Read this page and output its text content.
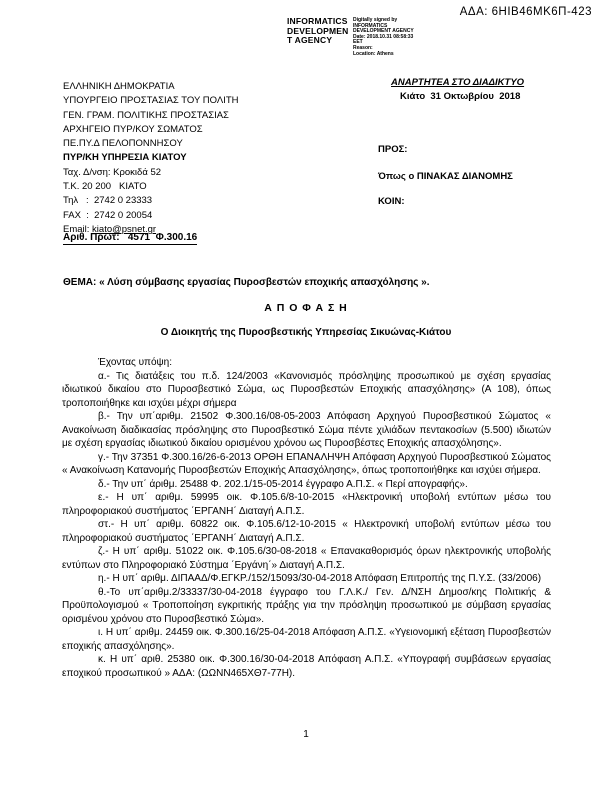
ΑΔΑ: 6ΗΙΒ46ΜΚ6Π-423
INFORMATICS
DEVELOPMEN
T AGENCY
Digitally signed by
INFORMATICS
DEVELOPMENT AGENCY
Date: 2018.10.31 08:58:33
EET
Reason:
Location: Athens
ΕΛΛΗΝΙΚΗ ΔΗΜΟΚΡΑΤΙΑ
ΥΠΟΥΡΓΕΙΟ ΠΡΟΣΤΑΣΙΑΣ ΤΟΥ ΠΟΛΙΤΗ
ΓΕΝ. ΓΡΑΜ. ΠΟΛΙΤΙΚΗΣ ΠΡΟΣΤΑΣΙΑΣ
ΑΡΧΗΓΕΙΟ ΠΥΡ/ΚΟΥ ΣΩΜΑΤΟΣ
ΠΕ.ΠΥ.Δ ΠΕΛΟΠΟΝΝΗΣΟΥ
ΠΥΡ/ΚΗ ΥΠΗΡΕΣΙΑ ΚΙΑΤΟΥ
Ταχ. Δ/νση: Κροκιδά 52
Τ.Κ. 20 200   ΚΙΑΤΟ
Τηλ   :  2742 0 23333
FAX  :  2742 0 20054
Email: kiato@psnet.gr
ΑΝΑΡΤΗΤΕΑ ΣΤΟ ΔΙΑΔΙΚΤΥΟ
Κιάτο  31 Οκτωβρίου  2018
ΠΡΟΣ:
Όπως ο ΠΙΝΑΚΑΣ ΔΙΑΝΟΜΗΣ
ΚΟΙΝ:
Αριθ. Πρωτ:   4571  Φ.300.16
ΘΕΜΑ: « Λύση σύμβασης εργασίας Πυροσβεστών εποχικής απασχόλησης ».
Α Π Ο Φ Α Σ Η
Ο Διοικητής της Πυροσβεστικής Υπηρεσίας Σικυώνας-Κιάτου

Έχοντας υπόψη:

α.- Τις διατάξεις του π.δ. 124/2003 «Κανονισμός πρόσληψης προσωπικού με σχέση εργασίας ιδιωτικού δικαίου στο Πυροσβεστικό Σώμα, ως Πυροσβεστών Εποχικής απασχόλησης» (Α 108), όπως τροποποιήθηκε και ισχύει μέχρι σήμερα

β.- Την υπ΄αριθμ. 21502 Φ.300.16/08-05-2003 Απόφαση Αρχηγού Πυροσβεστικού Σώματος « Ανακοίνωση διαδικασίας πρόσληψης στο Πυροσβεστικό Σώμα πέντε χιλιάδων πεντακοσίων (5.500) ιδιωτών με σχέση εργασίας ιδιωτικού δικαίου ορισμένου χρόνου ως Πυροσβέστες Εποχικής απασχόλησης».

γ.- Την 37351 Φ.300.16/26-6-2013 ΟΡΘΗ ΕΠΑΝΑΛΗΨΗ Απόφαση Αρχηγού Πυροσβεστικού Σώματος « Ανακοίνωση Κατανομής Πυροσβεστών Εποχικής Απασχόλησης», όπως τροποποιήθηκε και ισχύει σήμερα.

δ.- Την υπ΄ άριθμ. 25488 Φ. 202.1/15-05-2014 έγγραφο Α.Π.Σ. « Περί απογραφής».

ε.- Η υπ΄ αριθμ. 59995 οικ. Φ.105.6/8-10-2015 «Ηλεκτρονική υποβολή εντύπων μέσω του πληροφοριακού συστήματος ΄ΕΡΓΑΝΗ΄ Διαταγή Α.Π.Σ.

στ.- Η υπ΄ αριθμ. 60822 οικ. Φ.105.6/12-10-2015 « Ηλεκτρονική υποβολή εντύπων μέσω του πληροφοριακού συστήματος ΄ΕΡΓΑΝΗ΄ Διαταγή Α.Π.Σ.

ζ.- Η υπ΄ αριθμ. 51022 οικ. Φ.105.6/30-08-2018 « Επανακαθορισμός όρων ηλεκτρονικής υποβολής εντύπων στο Πληροφοριακό Σύστημα ΄Εργάνη΄» Διαταγή Α.Π.Σ.

η.- Η υπ΄ αριθμ. ΔΙΠΑΑΔ/Φ.ΕΓΚΡ./152/15093/30-04-2018 Απόφαση Επιτροπής της Π.Υ.Σ. (33/2006)

θ.-Το υπ΄αριθμ.2/33337/30-04-2018 έγγραφο του Γ.Λ.Κ./ Γεν. Δ/ΝΣΗ Δημοσ/κης Πολιτικής & Προϋπολογισμού « Τροποποίηση εγκριτικής πράξης για την πρόσληψη προσωπικού με σύμβαση εργασίας ορισμένου χρόνου στο Πυροσβεστικό Σώμα».

ι. Η υπ΄ αριθμ. 24459 οικ. Φ.300.16/25-04-2018 Απόφαση Α.Π.Σ. «Υγειονομική εξέταση Πυροσβεστών εποχικής απασχόλησης».

κ. Η υπ΄ αριθ. 25380 οικ. Φ.300.16/30-04-2018 Απόφαση Α.Π.Σ. «Υπογραφή συμβάσεων εργασίας εποχικού προσωπικού » ΑΔΑ: (ΩΩΝΝ465ΧΘ7-77Η).

1
